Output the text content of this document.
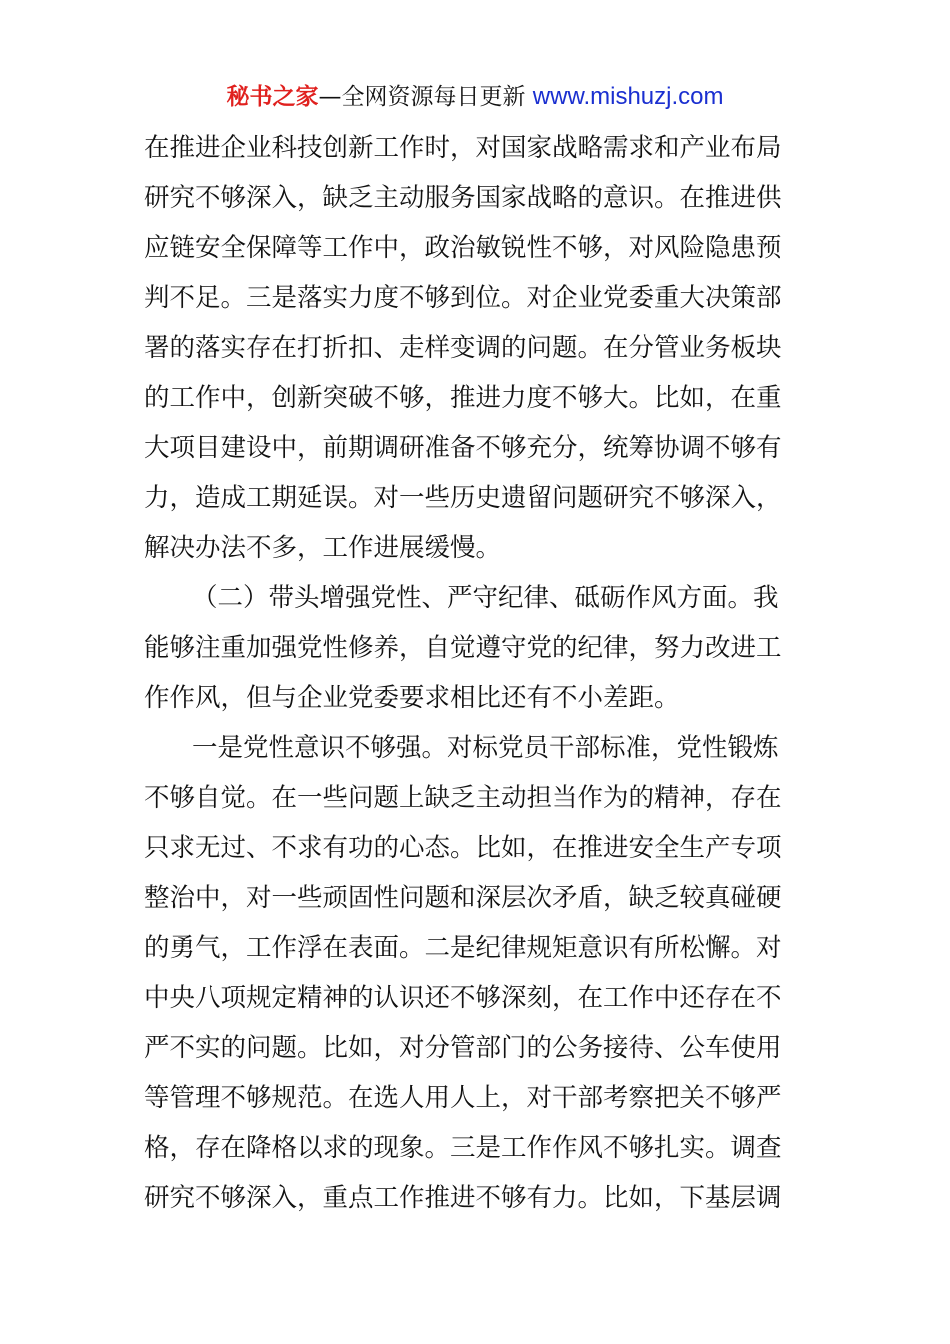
秘书之家—全网资源每日更新 www.mishuzj.com
在推进企业科技创新工作时，对国家战略需求和产业布局
研究不够深入，缺乏主动服务国家战略的意识。在推进供
应链安全保障等工作中，政治敏锐性不够，对风险隐患预
判不足。三是落实力度不够到位。对企业党委重大决策部
署的落实存在打折扣、走样变调的问题。在分管业务板块
的工作中，创新突破不够，推进力度不够大。比如，在重
大项目建设中，前期调研准备不够充分，统筹协调不够有
力，造成工期延误。对一些历史遗留问题研究不够深入，
解决办法不多，工作进展缓慢。
（二）带头增强党性、严守纪律、砥砺作风方面。我
能够注重加强党性修养，自觉遵守党的纪律，努力改进工
作作风，但与企业党委要求相比还有不小差距。
一是党性意识不够强。对标党员干部标准，党性锻炼
不够自觉。在一些问题上缺乏主动担当作为的精神，存在
只求无过、不求有功的心态。比如，在推进安全生产专项
整治中，对一些顽固性问题和深层次矛盾，缺乏较真碰硬
的勇气，工作浮在表面。二是纪律规矩意识有所松懈。对
中央八项规定精神的认识还不够深刻，在工作中还存在不
严不实的问题。比如，对分管部门的公务接待、公车使用
等管理不够规范。在选人用人上，对干部考察把关不够严
格，存在降格以求的现象。三是工作作风不够扎实。调查
研究不够深入，重点工作推进不够有力。比如，下基层调
